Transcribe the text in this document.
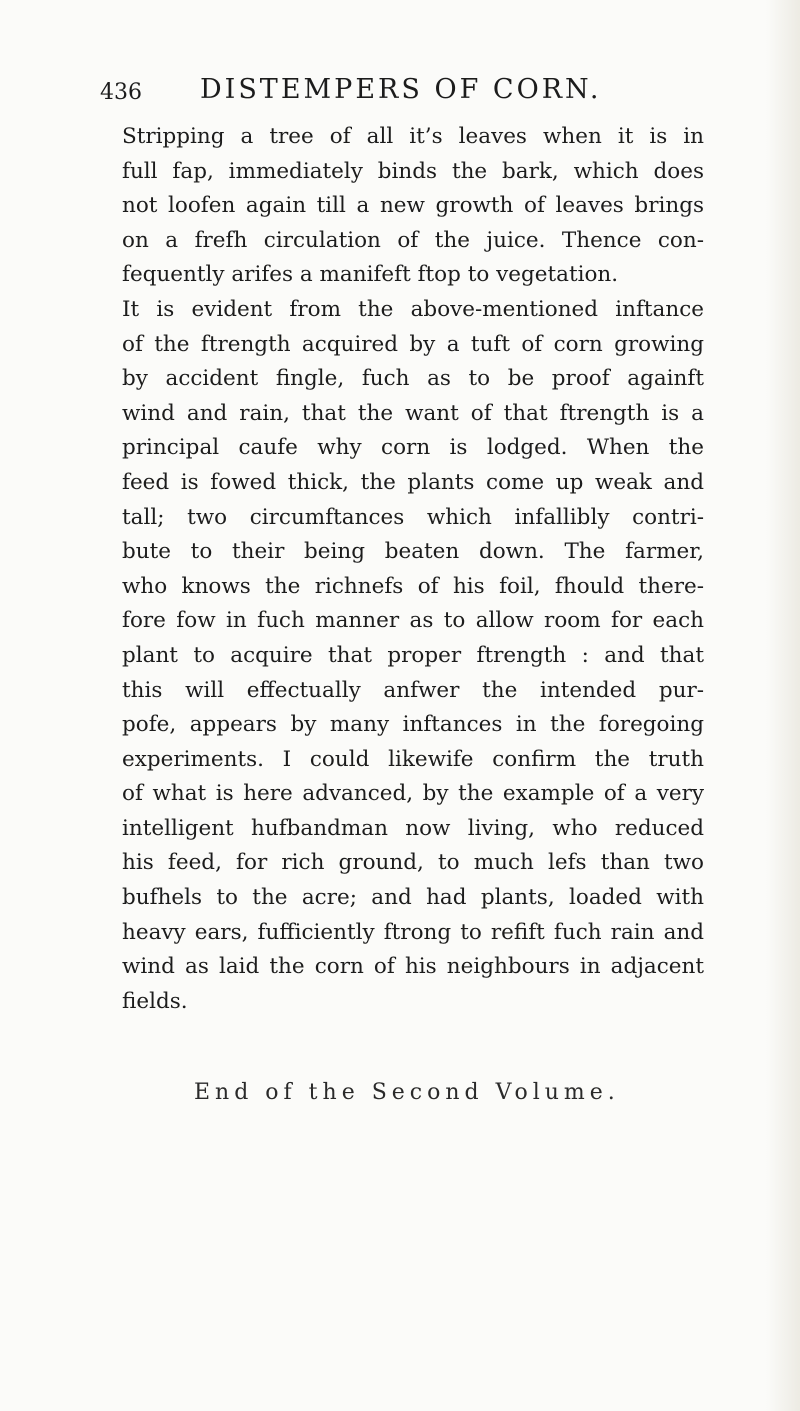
436 DISTEMPERS OF CORN.
Stripping a tree of all it’s leaves when it is in
full fap, immediately binds the bark, which does
not loofen again till a new growth of leaves brings
on a frefh circulation of the juice. Thence con-
fequently arifes a manifeft ftop to vegetation.
It is evident from the above-mentioned inftance
of the ftrength acquired by a tuft of corn growing
by accident fingle, fuch as to be proof againft
wind and rain, that the want of that ftrength is a
principal caufe why corn is lodged. When the
feed is fowed thick, the plants come up weak and
tall; two circumftances which infallibly contri-
bute to their being beaten down. The farmer,
who knows the richnefs of his foil, fhould there-
fore fow in fuch manner as to allow room for each
plant to acquire that proper ftrength : and that
this will effectually anfwer the intended pur-
pofe, appears by many inftances in the foregoing
experiments. I could likewife confirm the truth
of what is here advanced, by the example of a very
intelligent hufbandman now living, who reduced
his feed, for rich ground, to much lefs than two
bufhels to the acre; and had plants, loaded with
heavy ears, fufficiently ftrong to refift fuch rain and
wind as laid the corn of his neighbours in adjacent
fields.
End of the Second Volume.
